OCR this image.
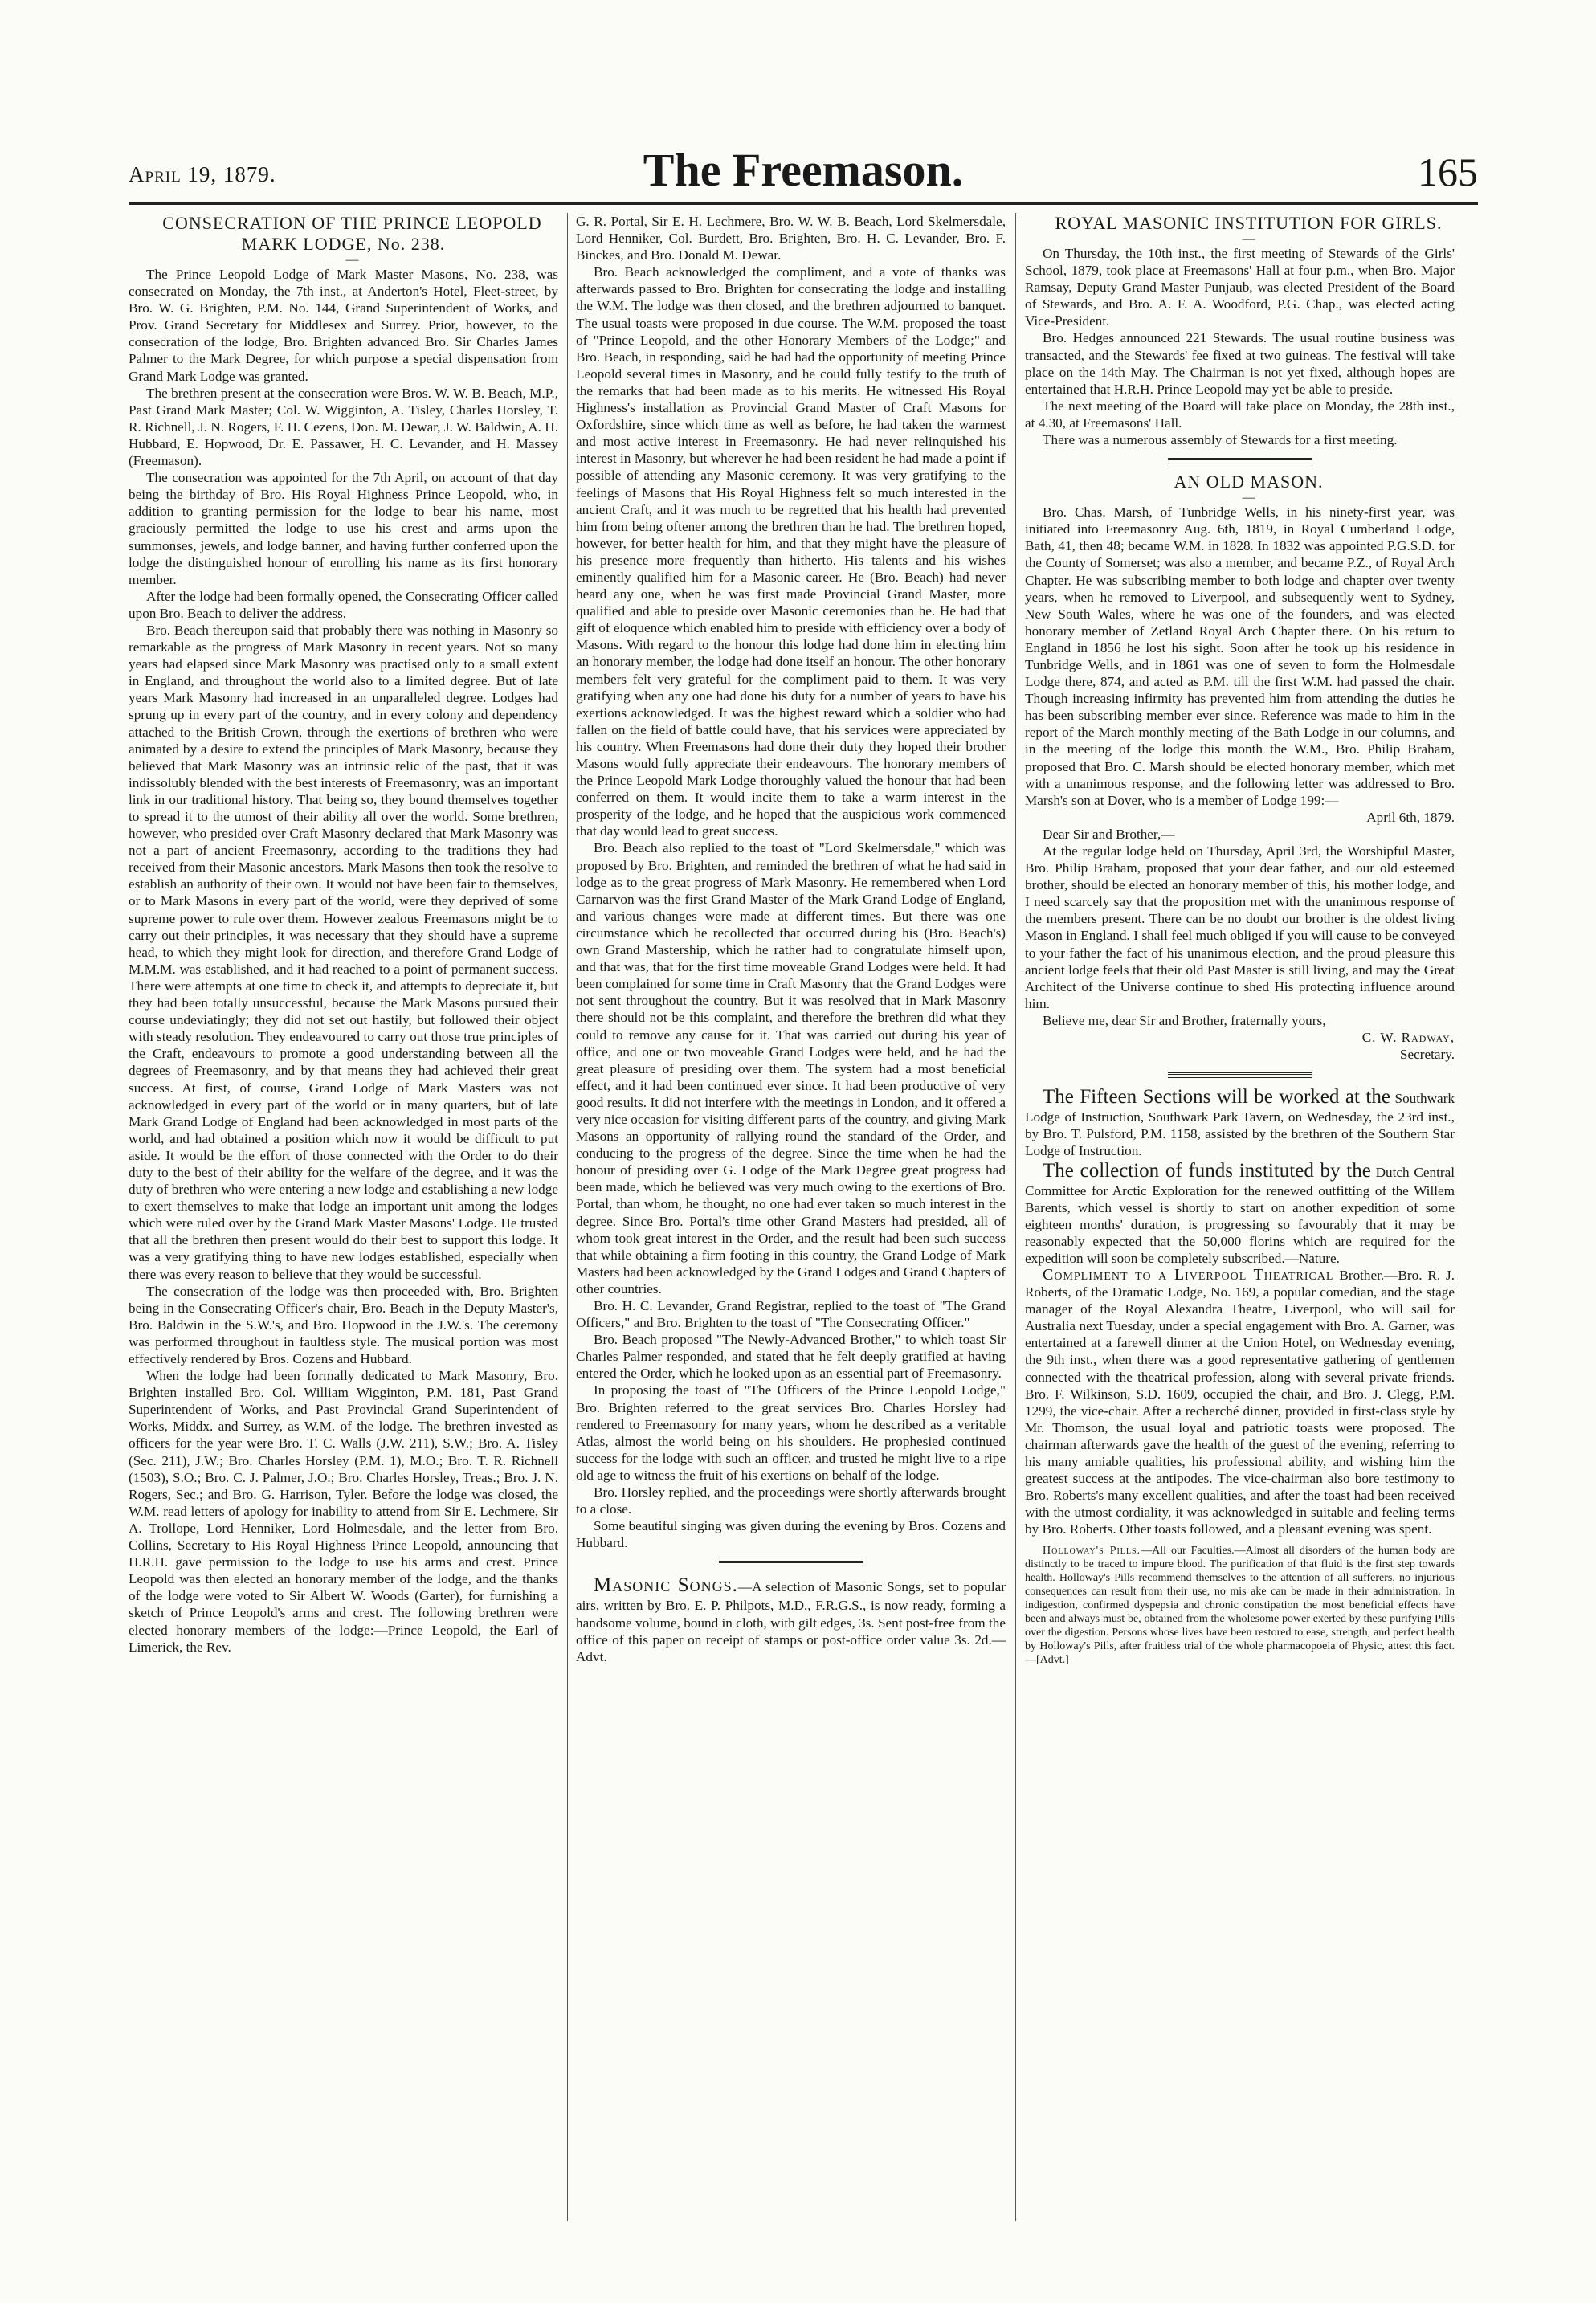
April 19, 1879.	The Freemason.	165

CONSECRATION OF THE PRINCE LEOPOLD MARK LODGE, No. 238.

—

The Prince Leopold Lodge of Mark Master Masons, No. 238, was consecrated on Monday, the 7th inst., at Anderton's Hotel, Fleet-street, by Bro. W. G. Brighten, P.M. No. 144, Grand Superintendent of Works, and Prov. Grand Secretary for Middlesex and Surrey. Prior, however, to the consecration of the lodge, Bro. Brighten advanced Bro. Sir Charles James Palmer to the Mark Degree, for which purpose a special dispensation from Grand Mark Lodge was granted.

The brethren present at the consecration were Bros. W. W. B. Beach, M.P., Past Grand Mark Master; Col. W. Wigginton, A. Tisley, Charles Horsley, T. R. Richnell, J. N. Rogers, F. H. Cezens, Don. M. Dewar, J. W. Baldwin, A. H. Hubbard, E. Hopwood, Dr. E. Passawer, H. C. Levander, and H. Massey (Freemason).

The consecration was appointed for the 7th April, on account of that day being the birthday of Bro. His Royal Highness Prince Leopold, who, in addition to granting permission for the lodge to bear his name, most graciously permitted the lodge to use his crest and arms upon the summonses, jewels, and lodge banner, and having further conferred upon the lodge the distinguished honour of enrolling his name as its first honorary member.

After the lodge had been formally opened, the Consecrating Officer called upon Bro. Beach to deliver the address.

Bro. Beach thereupon said that probably there was nothing in Masonry so remarkable as the progress of Mark Masonry in recent years. Not so many years had elapsed since Mark Masonry was practised only to a small extent in England, and throughout the world also to a limited degree. But of late years Mark Masonry had increased in an unparalleled degree. Lodges had sprung up in every part of the country, and in every colony and dependency attached to the British Crown, through the exertions of brethren who were animated by a desire to extend the principles of Mark Masonry, because they believed that Mark Masonry was an intrinsic relic of the past, that it was indissolubly blended with the best interests of Freemasonry, was an important link in our traditional history. That being so, they bound themselves together to spread it to the utmost of their ability all over the world. Some brethren, however, who presided over Craft Masonry declared that Mark Masonry was not a part of ancient Freemasonry, according to the traditions they had received from their Masonic ancestors. Mark Masons then took the resolve to establish an authority of their own. It would not have been fair to themselves, or to Mark Masons in every part of the world, were they deprived of some supreme power to rule over them. However zealous Freemasons might be to carry out their principles, it was necessary that they should have a supreme head, to which they might look for direction, and therefore Grand Lodge of M.M.M. was established, and it had reached to a point of permanent success. There were attempts at one time to check it, and attempts to depreciate it, but they had been totally unsuccessful, because the Mark Masons pursued their course undeviatingly; they did not set out hastily, but followed their object with steady resolution. They endeavoured to carry out those true principles of the Craft, endeavours to promote a good understanding between all the degrees of Freemasonry, and by that means they had achieved their great success. At first, of course, Grand Lodge of Mark Masters was not acknowledged in every part of the world or in many quarters, but of late Mark Grand Lodge of England had been acknowledged in most parts of the world, and had obtained a position which now it would be difficult to put aside. It would be the effort of those connected with the Order to do their duty to the best of their ability for the welfare of the degree, and it was the duty of brethren who were entering a new lodge and establishing a new lodge to exert themselves to make that lodge an important unit among the lodges which were ruled over by the Grand Mark Master Masons' Lodge. He trusted that all the brethren then present would do their best to support this lodge. It was a very gratifying thing to have new lodges established, especially when there was every reason to believe that they would be successful.

The consecration of the lodge was then proceeded with, Bro. Brighten being in the Consecrating Officer's chair, Bro. Beach in the Deputy Master's, Bro. Baldwin in the S.W.'s, and Bro. Hopwood in the J.W.'s. The ceremony was performed throughout in faultless style. The musical portion was most effectively rendered by Bros. Cozens and Hubbard.

When the lodge had been formally dedicated to Mark Masonry, Bro. Brighten installed Bro. Col. William Wigginton, P.M. 181, Past Grand Superintendent of Works, and Past Provincial Grand Superintendent of Works, Middx. and Surrey, as W.M. of the lodge. The brethren invested as officers for the year were Bro. T. C. Walls (J.W. 211), S.W.; Bro. A. Tisley (Sec. 211), J.W.; Bro. Charles Horsley (P.M. 1), M.O.; Bro. T. R. Richnell (1503), S.O.; Bro. C. J. Palmer, J.O.; Bro. Charles Horsley, Treas.; Bro. J. N. Rogers, Sec.; and Bro. G. Harrison, Tyler. Before the lodge was closed, the W.M. read letters of apology for inability to attend from Sir E. Lechmere, Sir A. Trollope, Lord Henniker, Lord Holmesdale, and the letter from Bro. Collins, Secretary to His Royal Highness Prince Leopold, announcing that H.R.H. gave permission to the lodge to use his arms and crest. Prince Leopold was then elected an honorary member of the lodge, and the thanks of the lodge were voted to Sir Albert W. Woods (Garter), for furnishing a sketch of Prince Leopold's arms and crest. The following brethren were elected honorary members of the lodge:—Prince Leopold, the Earl of Limerick, the Rev.

G. R. Portal, Sir E. H. Lechmere, Bro. W. W. B. Beach, Lord Skelmersdale, Lord Henniker, Col. Burdett, Bro. Brighten, Bro. H. C. Levander, Bro. F. Binckes, and Bro. Donald M. Dewar.

Bro. Beach acknowledged the compliment, and a vote of thanks was afterwards passed to Bro. Brighten for consecrating the lodge and installing the W.M. The lodge was then closed, and the brethren adjourned to banquet. The usual toasts were proposed in due course. The W.M. proposed the toast of "Prince Leopold, and the other Honorary Members of the Lodge;" and Bro. Beach, in responding, said he had had the opportunity of meeting Prince Leopold several times in Masonry, and he could fully testify to the truth of the remarks that had been made as to his merits. He witnessed His Royal Highness's installation as Provincial Grand Master of Craft Masons for Oxfordshire, since which time as well as before, he had taken the warmest and most active interest in Freemasonry. He had never relinquished his interest in Masonry, but wherever he had been resident he had made a point if possible of attending any Masonic ceremony. It was very gratifying to the feelings of Masons that His Royal Highness felt so much interested in the ancient Craft, and it was much to be regretted that his health had prevented him from being oftener among the brethren than he had. The brethren hoped, however, for better health for him, and that they might have the pleasure of his presence more frequently than hitherto. His talents and his wishes eminently qualified him for a Masonic career. He (Bro. Beach) had never heard any one, when he was first made Provincial Grand Master, more qualified and able to preside over Masonic ceremonies than he. He had that gift of eloquence which enabled him to preside with efficiency over a body of Masons. With regard to the honour this lodge had done him in electing him an honorary member, the lodge had done itself an honour. The other honorary members felt very grateful for the compliment paid to them. It was very gratifying when any one had done his duty for a number of years to have his exertions acknowledged. It was the highest reward which a soldier who had fallen on the field of battle could have, that his services were appreciated by his country. When Freemasons had done their duty they hoped their brother Masons would fully appreciate their endeavours. The honorary members of the Prince Leopold Mark Lodge thoroughly valued the honour that had been conferred on them. It would incite them to take a warm interest in the prosperity of the lodge, and he hoped that the auspicious work commenced that day would lead to great success.

Bro. Beach also replied to the toast of "Lord Skelmersdale," which was proposed by Bro. Brighten, and reminded the brethren of what he had said in lodge as to the great progress of Mark Masonry. He remembered when Lord Carnarvon was the first Grand Master of the Mark Grand Lodge of England, and various changes were made at different times. But there was one circumstance which he recollected that occurred during his (Bro. Beach's) own Grand Mastership, which he rather had to congratulate himself upon, and that was, that for the first time moveable Grand Lodges were held. It had been complained for some time in Craft Masonry that the Grand Lodges were not sent throughout the country. But it was resolved that in Mark Masonry there should not be this complaint, and therefore the brethren did what they could to remove any cause for it. That was carried out during his year of office, and one or two moveable Grand Lodges were held, and he had the great pleasure of presiding over them. The system had a most beneficial effect, and it had been continued ever since. It had been productive of very good results. It did not interfere with the meetings in London, and it offered a very nice occasion for visiting different parts of the country, and giving Mark Masons an opportunity of rallying round the standard of the Order, and conducing to the progress of the degree. Since the time when he had the honour of presiding over G. Lodge of the Mark Degree great progress had been made, which he believed was very much owing to the exertions of Bro. Portal, than whom, he thought, no one had ever taken so much interest in the degree. Since Bro. Portal's time other Grand Masters had presided, all of whom took great interest in the Order, and the result had been such success that while obtaining a firm footing in this country, the Grand Lodge of Mark Masters had been acknowledged by the Grand Lodges and Grand Chapters of other countries.

Bro. H. C. Levander, Grand Registrar, replied to the toast of "The Grand Officers," and Bro. Brighten to the toast of "The Consecrating Officer."

Bro. Beach proposed "The Newly-Advanced Brother," to which toast Sir Charles Palmer responded, and stated that he felt deeply gratified at having entered the Order, which he looked upon as an essential part of Freemasonry.

In proposing the toast of "The Officers of the Prince Leopold Lodge," Bro. Brighten referred to the great services Bro. Charles Horsley had rendered to Freemasonry for many years, whom he described as a veritable Atlas, almost the world being on his shoulders. He prophesied continued success for the lodge with such an officer, and trusted he might live to a ripe old age to witness the fruit of his exertions on behalf of the lodge.

Bro. Horsley replied, and the proceedings were shortly afterwards brought to a close.

Some beautiful singing was given during the evening by Bros. Cozens and Hubbard.

Masonic Songs.—A selection of Masonic Songs, set to popular airs, written by Bro. E. P. Philpots, M.D., F.R.G.S., is now ready, forming a handsome volume, bound in cloth, with gilt edges, 3s. Sent post-free from the office of this paper on receipt of stamps or post-office order value 3s. 2d.—Advt.

ROYAL MASONIC INSTITUTION FOR GIRLS.

—

On Thursday, the 10th inst., the first meeting of Stewards of the Girls' School, 1879, took place at Freemasons' Hall at four p.m., when Bro. Major Ramsay, Deputy Grand Master Punjaub, was elected President of the Board of Stewards, and Bro. A. F. A. Woodford, P.G. Chap., was elected acting Vice-President.

Bro. Hedges announced 221 Stewards. The usual routine business was transacted, and the Stewards' fee fixed at two guineas. The festival will take place on the 14th May. The Chairman is not yet fixed, although hopes are entertained that H.R.H. Prince Leopold may yet be able to preside.

The next meeting of the Board will take place on Monday, the 28th inst., at 4.30, at Freemasons' Hall.

There was a numerous assembly of Stewards for a first meeting.

AN OLD MASON.

—

Bro. Chas. Marsh, of Tunbridge Wells, in his ninety-first year, was initiated into Freemasonry Aug. 6th, 1819, in Royal Cumberland Lodge, Bath, 41, then 48; became W.M. in 1828. In 1832 was appointed P.G.S.D. for the County of Somerset; was also a member, and became P.Z., of Royal Arch Chapter. He was subscribing member to both lodge and chapter over twenty years, when he removed to Liverpool, and subsequently went to Sydney, New South Wales, where he was one of the founders, and was elected honorary member of Zetland Royal Arch Chapter there. On his return to England in 1856 he lost his sight. Soon after he took up his residence in Tunbridge Wells, and in 1861 was one of seven to form the Holmesdale Lodge there, 874, and acted as P.M. till the first W.M. had passed the chair. Though increasing infirmity has prevented him from attending the duties he has been subscribing member ever since. Reference was made to him in the report of the March monthly meeting of the Bath Lodge in our columns, and in the meeting of the lodge this month the W.M., Bro. Philip Braham, proposed that Bro. C. Marsh should be elected honorary member, which met with a unanimous response, and the following letter was addressed to Bro. Marsh's son at Dover, who is a member of Lodge 199:—

April 6th, 1879.

Dear Sir and Brother,—

At the regular lodge held on Thursday, April 3rd, the Worshipful Master, Bro. Philip Braham, proposed that your dear father, and our old esteemed brother, should be elected an honorary member of this, his mother lodge, and I need scarcely say that the proposition met with the unanimous response of the members present. There can be no doubt our brother is the oldest living Mason in England. I shall feel much obliged if you will cause to be conveyed to your father the fact of his unanimous election, and the proud pleasure this ancient lodge feels that their old Past Master is still living, and may the Great Architect of the Universe continue to shed His protecting influence around him.

Believe me, dear Sir and Brother, fraternally yours,

C. W. Radway,

Secretary.

The Fifteen Sections will be worked at the Southwark Lodge of Instruction, Southwark Park Tavern, on Wednesday, the 23rd inst., by Bro. T. Pulsford, P.M. 1158, assisted by the brethren of the Southern Star Lodge of Instruction.

The collection of funds instituted by the Dutch Central Committee for Arctic Exploration for the renewed outfitting of the Willem Barents, which vessel is shortly to start on another expedition of some eighteen months' duration, is progressing so favourably that it may be reasonably expected that the 50,000 florins which are required for the expedition will soon be completely subscribed.—Nature.

Compliment to a Liverpool Theatrical Brother.—Bro. R. J. Roberts, of the Dramatic Lodge, No. 169, a popular comedian, and the stage manager of the Royal Alexandra Theatre, Liverpool, who will sail for Australia next Tuesday, under a special engagement with Bro. A. Garner, was entertained at a farewell dinner at the Union Hotel, on Wednesday evening, the 9th inst., when there was a good representative gathering of gentlemen connected with the theatrical profession, along with several private friends. Bro. F. Wilkinson, S.D. 1609, occupied the chair, and Bro. J. Clegg, P.M. 1299, the vice-chair. After a recherché dinner, provided in first-class style by Mr. Thomson, the usual loyal and patriotic toasts were proposed. The chairman afterwards gave the health of the guest of the evening, referring to his many amiable qualities, his professional ability, and wishing him the greatest success at the antipodes. The vice-chairman also bore testimony to Bro. Roberts's many excellent qualities, and after the toast had been received with the utmost cordiality, it was acknowledged in suitable and feeling terms by Bro. Roberts. Other toasts followed, and a pleasant evening was spent.

Holloway's Pills.—All our Faculties.—Almost all disorders of the human body are distinctly to be traced to impure blood. The purification of that fluid is the first step towards health. Holloway's Pills recommend themselves to the attention of all sufferers, no injurious consequences can result from their use, no mis ake can be made in their administration. In indigestion, confirmed dyspepsia and chronic constipation the most beneficial effects have been and always must be, obtained from the wholesome power exerted by these purifying Pills over the digestion. Persons whose lives have been restored to ease, strength, and perfect health by Holloway's Pills, after fruitless trial of the whole pharmacopoeia of Physic, attest this fact.—[Advt.]
